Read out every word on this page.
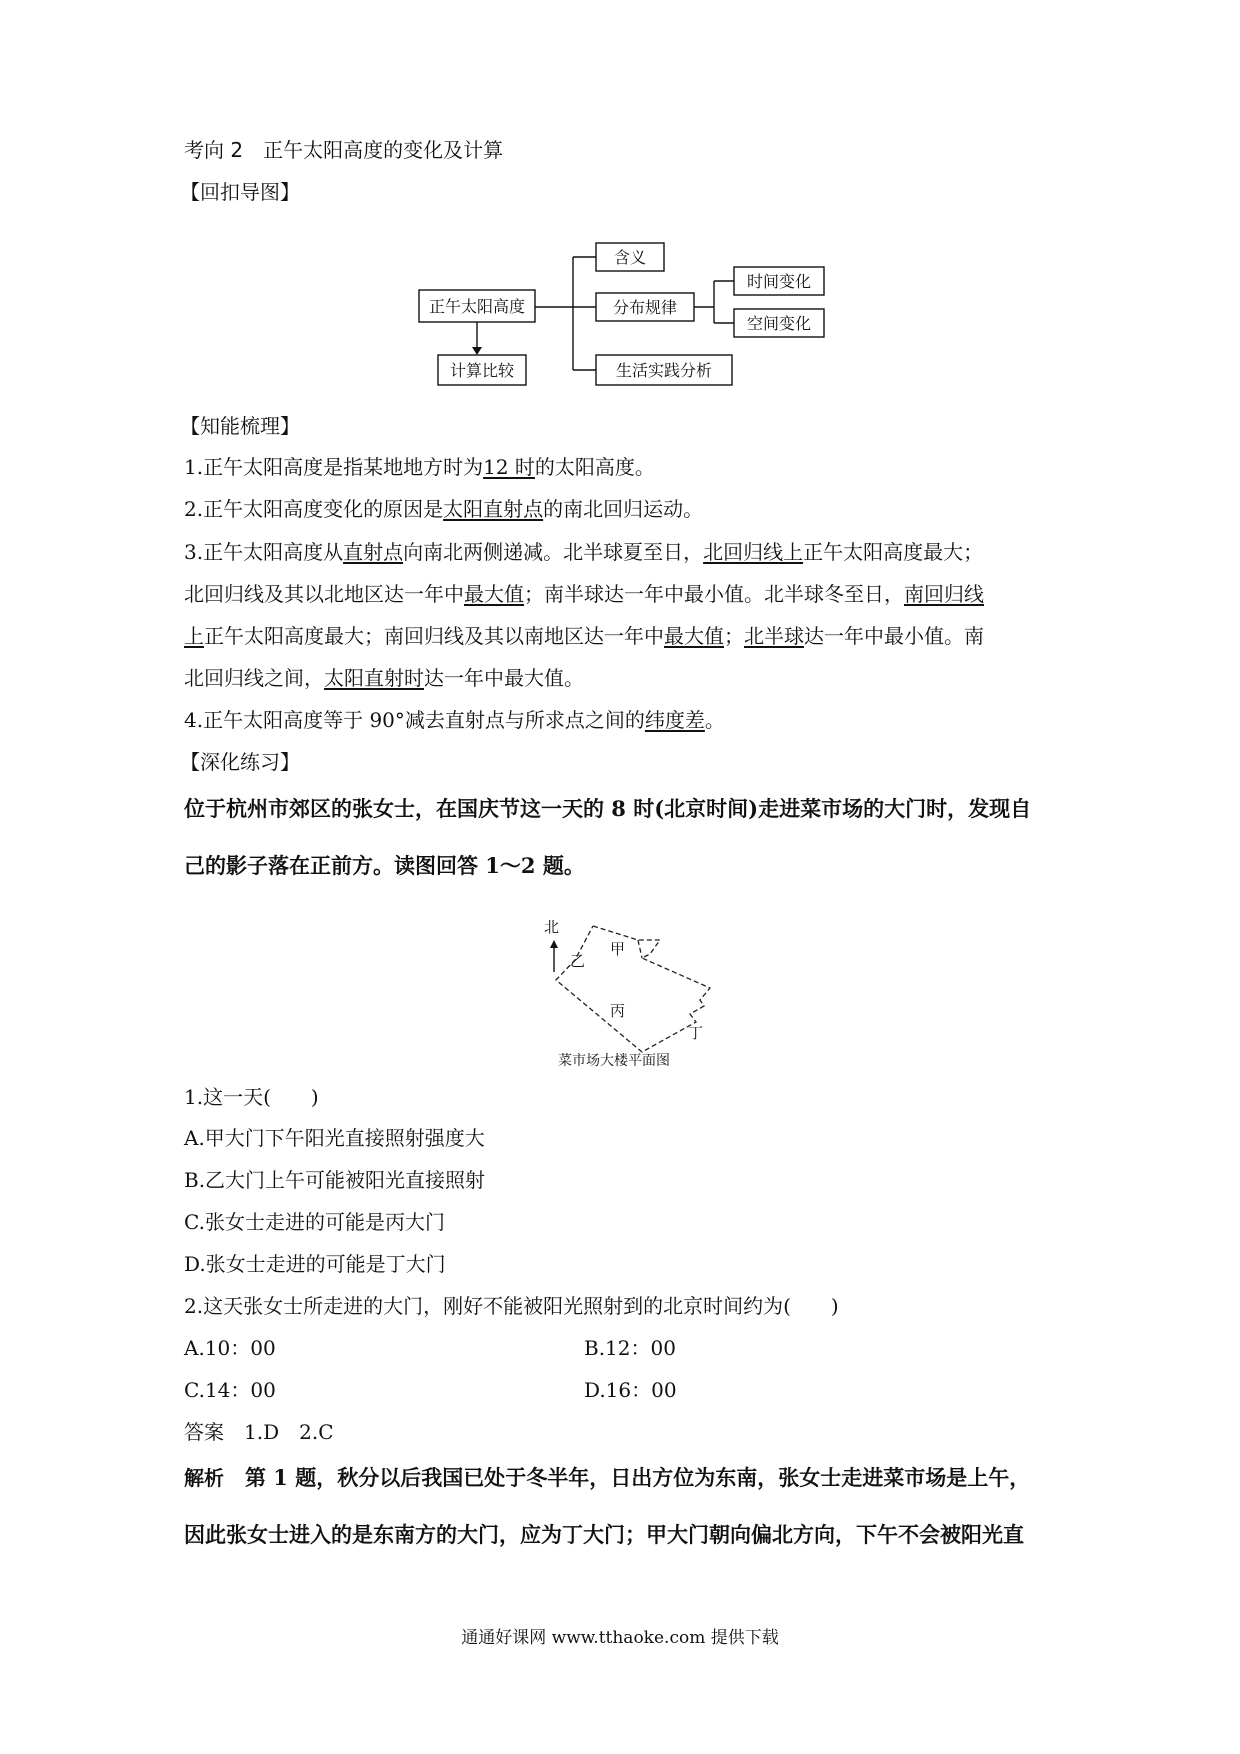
考向 2　 正午太阳高度的变化及计算
【回扣导图】
正午太阳高度
含义
分布规律
生活实践分析
时间变化
空间变化
计算比较
【知能梳理】
1.正午太阳高度是指某地地方时为12 时的太阳高度。
2.正午太阳高度变化的原因是太阳直射点的南北回归运动。
3.正午太阳高度从直射点向南北两侧递减。北半球夏至日，北回归线上正午太阳高度最大；
北回归线及其以北地区达一年中最大值；南半球达一年中最小值。北半球冬至日，南回归线
上正午太阳高度最大；南回归线及其以南地区达一年中最大值；北半球达一年中最小值。南
北回归线之间，太阳直射时达一年中最大值。
4.正午太阳高度等于 90°减去直射点与所求点之间的纬度差。
【深化练习】
位于杭州市郊区的张女士，在国庆节这一天的 8 时(北京时间)走进菜市场的大门时，发现自
己的影子落在正前方。读图回答 1～2 题。
北
甲
乙
丙
丁
菜市场大楼平面图
1.这一天(　　)
A.甲大门下午阳光直接照射强度大
B.乙大门上午可能被阳光直接照射
C.张女士走进的可能是丙大门
D.张女士走进的可能是丁大门
2.这天张女士所走进的大门，刚好不能被阳光照射到的北京时间约为(　　)
A.10：00	B.12：00
C.14：00	D.16：00
答案　 1.D　2.C
解析　 第 1 题，秋分以后我国已处于冬半年，日出方位为东南，张女士走进菜市场是上午，
因此张女士进入的是东南方的大门，应为丁大门；甲大门朝向偏北方向，下午不会被阳光直
通通好课网 www.tthaoke.com 提供下载
